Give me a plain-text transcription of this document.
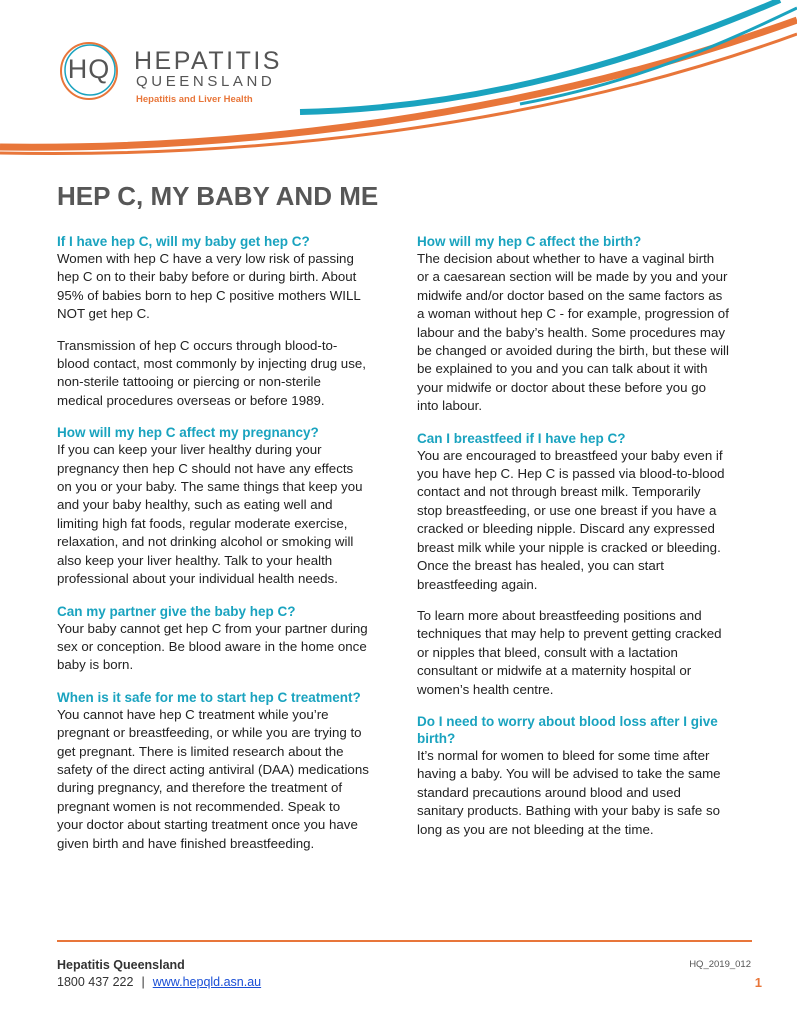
HQ HEPATITIS
QUEENSLAND
Hepatitis and Liver Health
HEP C, MY BABY AND ME
If I have hep C, will my baby get hep C?

Women with hep C have a very low risk of passing hep C on to their baby before or during birth. About 95% of babies born to hep C positive mothers WILL NOT get hep C.

Transmission of hep C occurs through blood-to-blood contact, most commonly by injecting drug use, non-sterile tattooing or piercing or non-sterile medical procedures overseas or before 1989.

How will my hep C affect my pregnancy?

If you can keep your liver healthy during your pregnancy then hep C should not have any effects on you or your baby. The same things that keep you and your baby healthy, such as eating well and limiting high fat foods, regular moderate exercise, relaxation, and not drinking alcohol or smoking will also keep your liver healthy. Talk to your health professional about your individual health needs.

Can my partner give the baby hep C?

Your baby cannot get hep C from your partner during sex or conception. Be blood aware in the home once baby is born.

When is it safe for me to start hep C treatment?

You cannot have hep C treatment while you’re pregnant or breastfeeding, or while you are trying to get pregnant. There is limited research about the safety of the direct acting antiviral (DAA) medications during pregnancy, and therefore the treatment of pregnant women is not recommended. Speak to your doctor about starting treatment once you have given birth and have finished breastfeeding.

How will my hep C affect the birth?

The decision about whether to have a vaginal birth or a caesarean section will be made by you and your midwife and/or doctor based on the same factors as a woman without hep C - for example, progression of labour and the baby’s health. Some procedures may be changed or avoided during the birth, but these will be explained to you and you can talk about it with your midwife or doctor about these before you go into labour.

Can I breastfeed if I have hep C?

You are encouraged to breastfeed your baby even if you have hep C. Hep C is passed via blood-to-blood contact and not through breast milk. Temporarily stop breastfeeding, or use one breast if you have a cracked or bleeding nipple. Discard any expressed breast milk while your nipple is cracked or bleeding. Once the breast has healed, you can start breastfeeding again.

To learn more about breastfeeding positions and techniques that may help to prevent getting cracked or nipples that bleed, consult with a lactation consultant or midwife at a maternity hospital or women’s health centre.

Do I need to worry about blood loss after I give birth?

It’s normal for women to bleed for some time after having a baby. You will be advised to take the same standard precautions around blood and used sanitary products. Bathing with your baby is safe so long as you are not bleeding at the time.

Hepatitis Queensland
1800 437 222 | www.hepqld.asn.au
HQ_2019_012
1
